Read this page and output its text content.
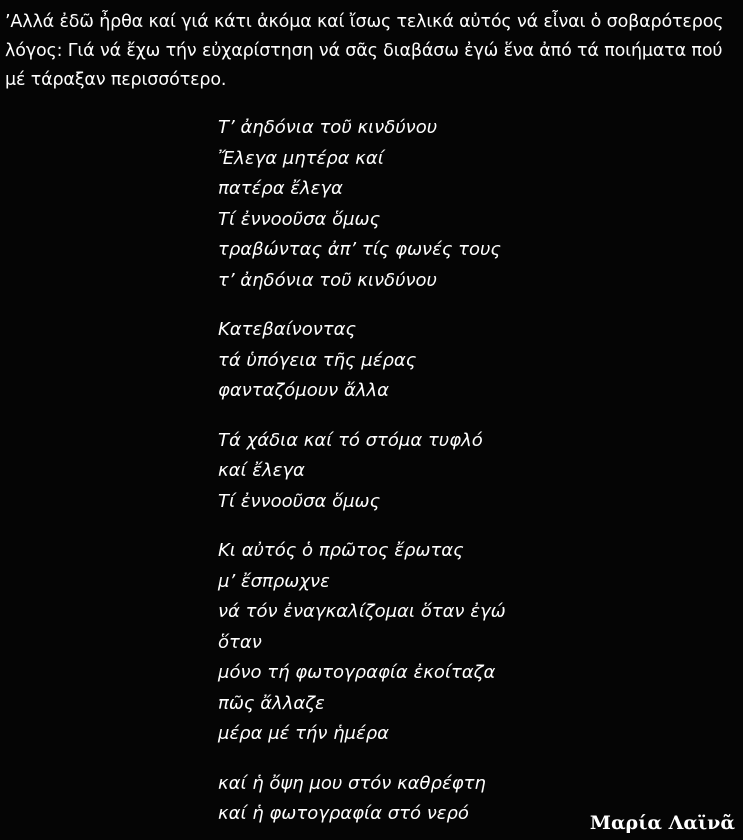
’Αλλά ἐδῶ ἦρθα καί γιά κάτι ἀκόμα καί ἴσως τελικά αὐτός νά εἶναι ὁ σοβαρότερος
λόγος: Γιά νά ἔχω τήν εὐχαρίστηση νά σᾶς διαβάσω ἐγώ ἕνα ἀπό τά ποιήματα πού
μέ τάραξαν περισσότερο.
Τ’ ἀηδόνια τοῦ κινδύνου
Ἔλεγα μητέρα καί
πατέρα ἔλεγα
Τί ἐννοοῦσα ὅμως
τραβώντας ἀπ’ τίς φωνές τους
τ’ ἀηδόνια τοῦ κινδύνου
Κατεβαίνοντας
τά ὑπόγεια τῆς μέρας
φανταζόμουν ἄλλα
Τά χάδια καί τό στόμα τυφλό
καί ἔλεγα
Τί ἐννοοῦσα ὅμως
Κι αὐτός ὁ πρῶτος ἔρωτας
μ’ ἔσπρωχνε
νά τόν ἐναγκαλίζομαι ὅταν ἐγώ
ὅταν
μόνο τή φωτογραφία ἐκοίταζα
πῶς ἄλλαζε
μέρα μέ τήν ἡμέρα
καί ἡ ὄψη μου στόν καθρέφτη
καί ἡ φωτογραφία στό νερό	Μαρία Λαϊνᾶ
